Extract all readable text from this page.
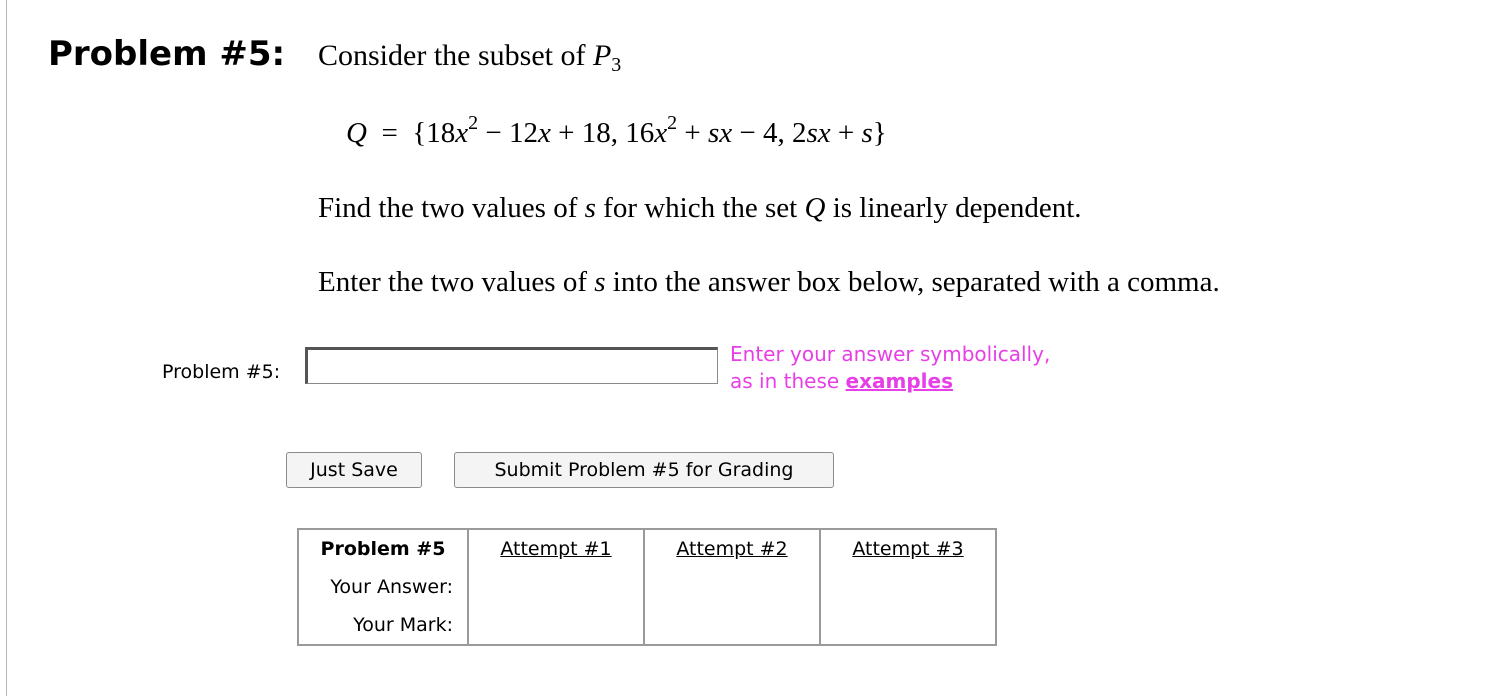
Problem #5: Consider the subset of $P_3$
$Q = \{18x^2 - 12x + 18$, $16x^2$ + sx − 4, 2sx + s}
Find the two values of s for which the set Q is linearly dependent.
Enter the two values of s into the answer box below, separated with a comma.
Problem #5:
Enter your answer symbolically,
as in these examples
Just Save	Submit Problem #5 for Grading
Problem #5	Attempt #1	Attempt #2	Attempt #3
Your Answer:			
Your Mark:			
